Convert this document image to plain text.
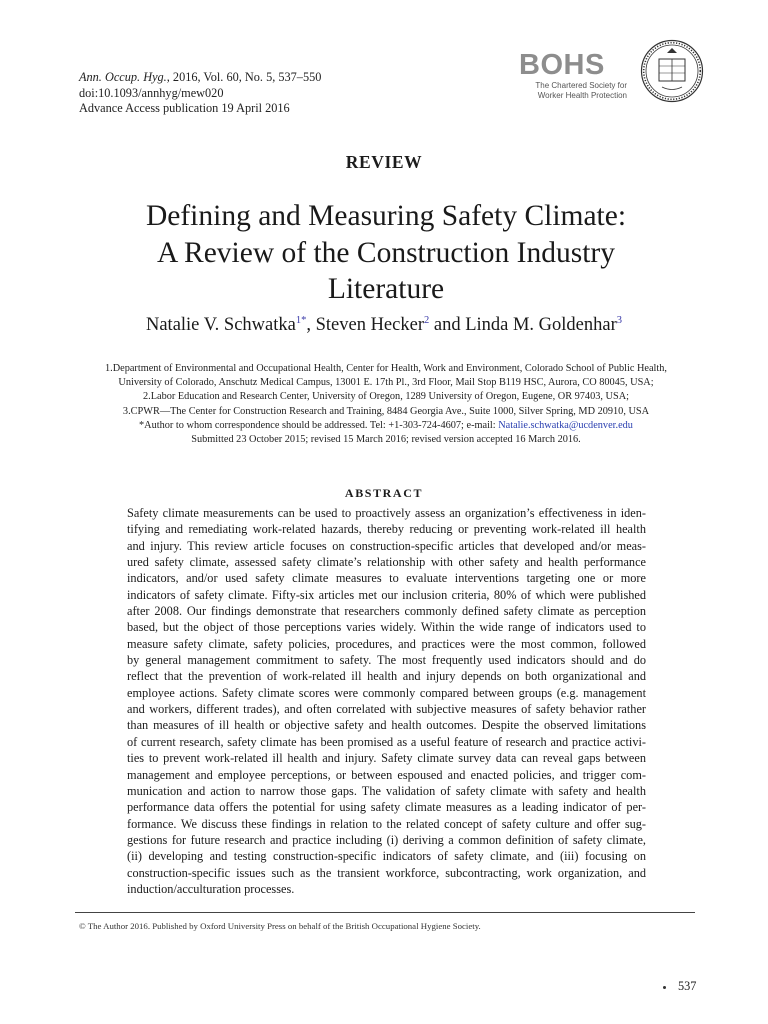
Ann. Occup. Hyg., 2016, Vol. 60, No. 5, 537–550
doi:10.1093/annhyg/mew020
Advance Access publication 19 April 2016
BOHS
The Chartered Society for
Worker Health Protection
REVIEW
Defining and Measuring Safety Climate:
A Review of the Construction Industry
Literature
Natalie V. Schwatka$^{1*}$, Steven Hecker$^2$ and Linda M. Goldenhar$^3$
1.Department of Environmental and Occupational Health, Center for Health, Work and Environment, Colorado School of Public Health,
University of Colorado, Anschutz Medical Campus, 13001 E. 17th Pl., 3rd Floor, Mail Stop B119 HSC, Aurora, CO 80045, USA;
2.Labor Education and Research Center, University of Oregon, 1289 University of Oregon, Eugene, OR 97403, USA;
3.CPWR—The Center for Construction Research and Training, 8484 Georgia Ave., Suite 1000, Silver Spring, MD 20910, USA
*Author to whom correspondence should be addressed. Tel: +1-303-724-4607; e-mail: Natalie.schwatka@ucdenver.edu
Submitted 23 October 2015; revised 15 March 2016; revised version accepted 16 March 2016.
ABSTRACT
Safety climate measurements can be used to proactively assess an organization’s effectiveness in iden-
tifying and remediating work-related hazards, thereby reducing or preventing work-related ill health
and injury. This review article focuses on construction-specific articles that developed and/or meas-
ured safety climate, assessed safety climate’s relationship with other safety and health performance
indicators, and/or used safety climate measures to evaluate interventions targeting one or more
indicators of safety climate. Fifty-six articles met our inclusion criteria, 80% of which were published
after 2008. Our findings demonstrate that researchers commonly defined safety climate as perception
based, but the object of those perceptions varies widely. Within the wide range of indicators used to
measure safety climate, safety policies, procedures, and practices were the most common, followed
by general management commitment to safety. The most frequently used indicators should and do
reflect that the prevention of work-related ill health and injury depends on both organizational and
employee actions. Safety climate scores were commonly compared between groups (e.g. management
and workers, different trades), and often correlated with subjective measures of safety behavior rather
than measures of ill health or objective safety and health outcomes. Despite the observed limitations
of current research, safety climate has been promised as a useful feature of research and practice activi-
ties to prevent work-related ill health and injury. Safety climate survey data can reveal gaps between
management and employee perceptions, or between espoused and enacted policies, and trigger com-
munication and action to narrow those gaps. The validation of safety climate with safety and health
performance data offers the potential for using safety climate measures as a leading indicator of per-
formance. We discuss these findings in relation to the related concept of safety culture and offer sug-
gestions for future research and practice including (i) deriving a common definition of safety climate,
(ii) developing and testing construction-specific indicators of safety climate, and (iii) focusing on
construction-specific issues such as the transient workforce, subcontracting, work organization, and
induction/acculturation processes.
© The Author 2016. Published by Oxford University Press on behalf of the British Occupational Hygiene Society.
537
